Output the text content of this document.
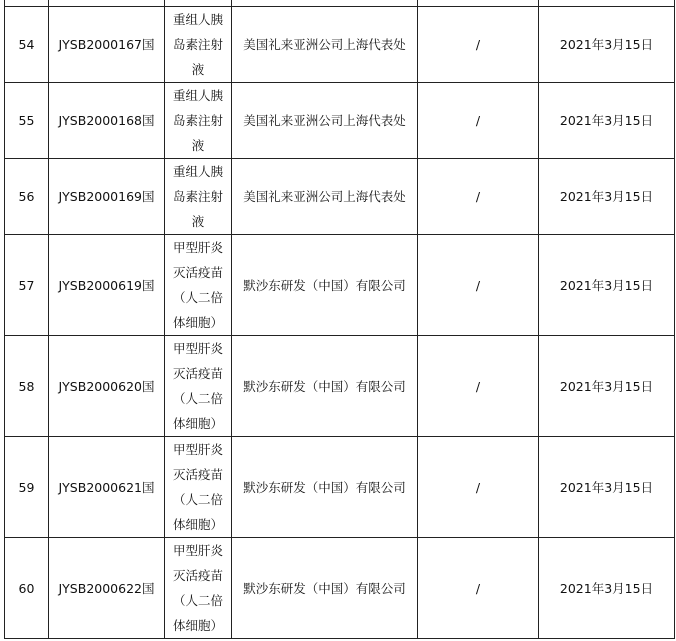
54	JYSB2000167国	重组人胰岛素注射液	美国礼来亚洲公司上海代表处	/	2021年3月15日
55	JYSB2000168国	重组人胰岛素注射液	美国礼来亚洲公司上海代表处	/	2021年3月15日
56	JYSB2000169国	重组人胰岛素注射液	美国礼来亚洲公司上海代表处	/	2021年3月15日
57	JYSB2000619国	甲型肝炎灭活疫苗（人二倍体细胞）	默沙东研发（中国）有限公司	/	2021年3月15日
58	JYSB2000620国	甲型肝炎灭活疫苗（人二倍体细胞）	默沙东研发（中国）有限公司	/	2021年3月15日
59	JYSB2000621国	甲型肝炎灭活疫苗（人二倍体细胞）	默沙东研发（中国）有限公司	/	2021年3月15日
60	JYSB2000622国	甲型肝炎灭活疫苗（人二倍体细胞）	默沙东研发（中国）有限公司	/	2021年3月15日
